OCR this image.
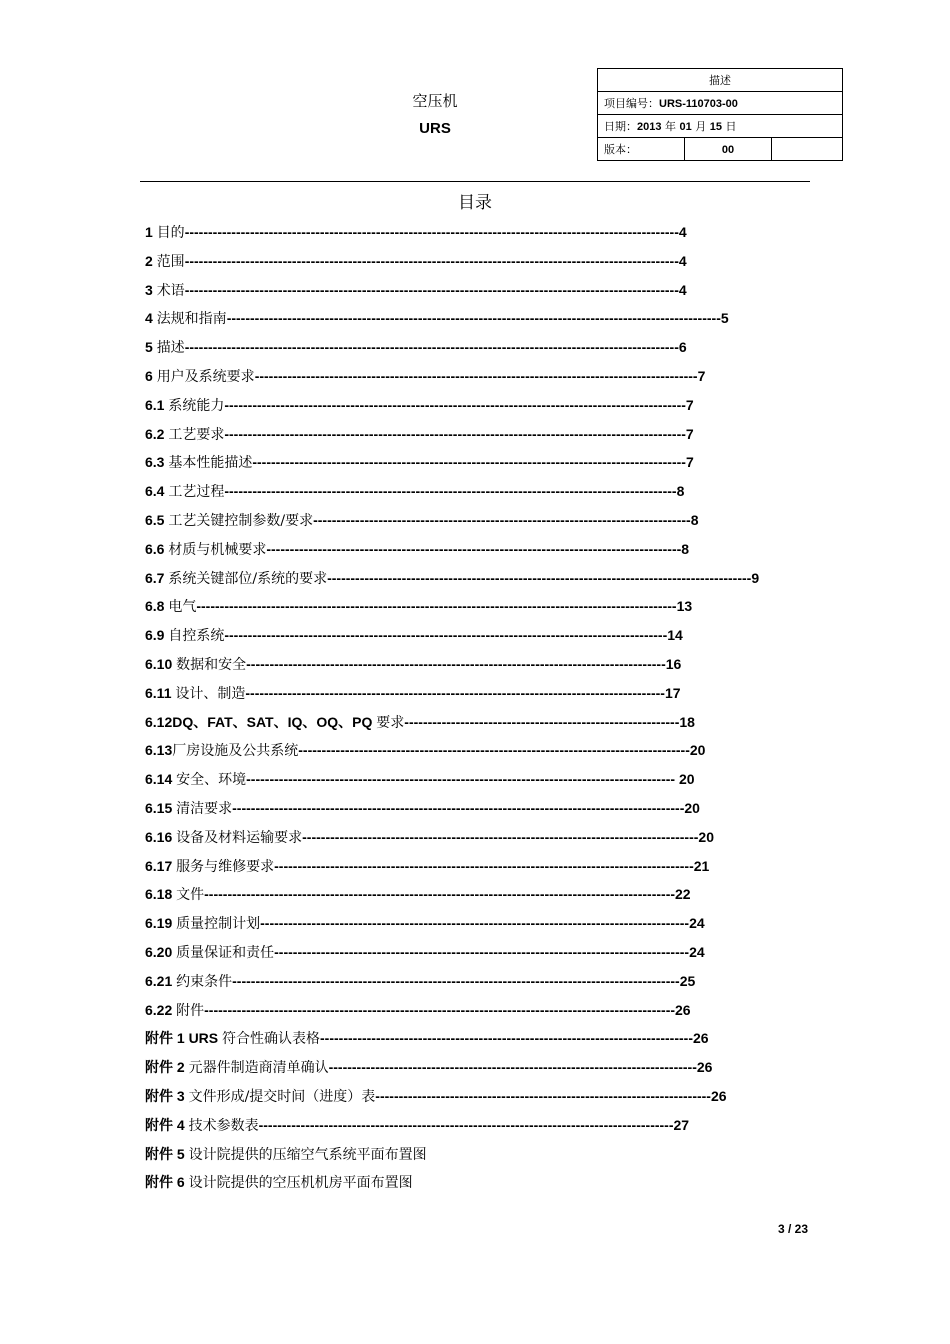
空压机
URS
描述
项目编号：URS-110703-00
日期：2013 年 01 月 15 日
版本：	00	
目录
1 目的----------------------------------------------------------------------------------------------------------4
2 范围----------------------------------------------------------------------------------------------------------4
3 术语----------------------------------------------------------------------------------------------------------4
4 法规和指南----------------------------------------------------------------------------------------------------------5
5 描述----------------------------------------------------------------------------------------------------------6
6 用户及系统要求-----------------------------------------------------------------------------------------------7
6.1 系统能力---------------------------------------------------------------------------------------------------7
6.2 工艺要求---------------------------------------------------------------------------------------------------7
6.3 基本性能描述---------------------------------------------------------------------------------------------7
6.4 工艺过程-------------------------------------------------------------------------------------------------8
6.5 工艺关键控制参数/要求---------------------------------------------------------------------------------8
6.6 材质与机械要求-----------------------------------------------------------------------------------------8
6.7 系统关键部位/系统的要求-------------------------------------------------------------------------------------------9
6.8 电气-------------------------------------------------------------------------------------------------------13
6.9 自控系统-----------------------------------------------------------------------------------------------14
6.10 数据和安全------------------------------------------------------------------------------------------16
6.11 设计、制造------------------------------------------------------------------------------------------17
6.12DQ、FAT、SAT、IQ、OQ、PQ 要求-----------------------------------------------------------18
6.13厂房设施及公共系统------------------------------------------------------------------------------------20
6.14 安全、环境-------------------------------------------------------------------------------------------- 20
6.15 清洁要求-------------------------------------------------------------------------------------------------20
6.16 设备及材料运输要求-------------------------------------------------------------------------------------20
6.17 服务与维修要求------------------------------------------------------------------------------------------21
6.18 文件-----------------------------------------------------------------------------------------------------22
6.19 质量控制计划--------------------------------------------------------------------------------------------24
6.20 质量保证和责任-----------------------------------------------------------------------------------------24
6.21 约束条件------------------------------------------------------------------------------------------------25
6.22 附件-----------------------------------------------------------------------------------------------------26
附件 1 URS 符合性确认表格--------------------------------------------------------------------------------26
附件 2 元器件制造商清单确认-------------------------------------------------------------------------------26
附件 3 文件形成/提交时间（进度）表------------------------------------------------------------------------26
附件 4 技术参数表-----------------------------------------------------------------------------------------27
附件 5 设计院提供的压缩空气系统平面布置图
附件 6 设计院提供的空压机机房平面布置图
3 / 23
